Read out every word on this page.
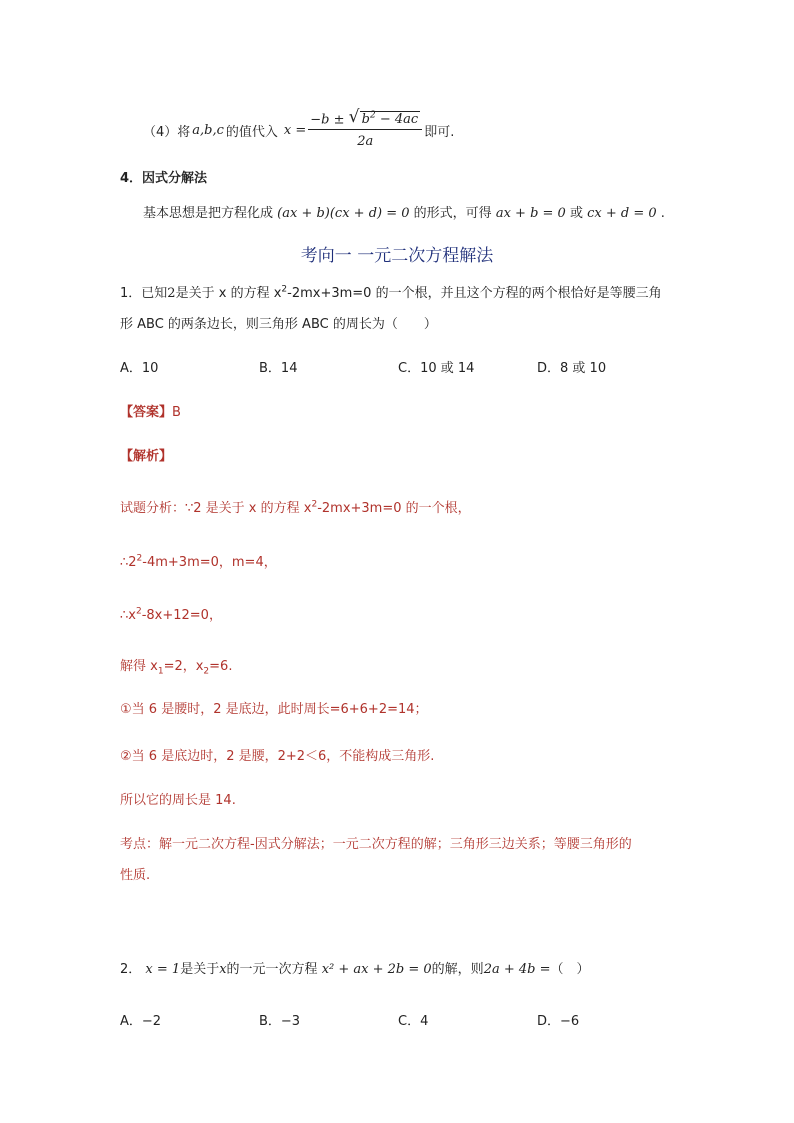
（4）将 a,b,c 的值代入 $x = \frac{-b \pm √ b^2 - 4ac}{2a}$ 即可.
4．因式分解法
基本思想是把方程化成 (ax + b)(cx + d) = 0 的形式，可得 ax + b = 0 或 cx + d = 0 .
考向一 一元二次方程解法
1．已知2是关于 x 的方程 $x^2-2mx+3m=0$ 的一个根，并且这个方程的两个根恰好是等腰三角
形 ABC 的两条边长，则三角形 ABC 的周长为（　　）
A．10	B．14	C．10 或 14	D．8 或 10
【答案】B
【解析】
试题分析：∵2 是关于 x 的方程 $x^2-2mx+3m=0$ 的一个根，
$\therefore 2^2-4m+3m=0$，m=4，
$\therefore x^2-8x+12=0$，
解得 $x_1=2$，$x_2=6$.
①当 6 是腰时，2 是底边，此时周长=6+6+2=14；
②当 6 是底边时，2 是腰，2+2＜6，不能构成三角形.
所以它的周长是 14.
考点：解一元二次方程-因式分解法；一元二次方程的解；三角形三边关系；等腰三角形的
性质.
2． x = 1是关于x的一元一次方程 x² + ax + 2b = 0的解，则2a + 4b =（　）
A．−2	B．−3	C．4	D．−6
